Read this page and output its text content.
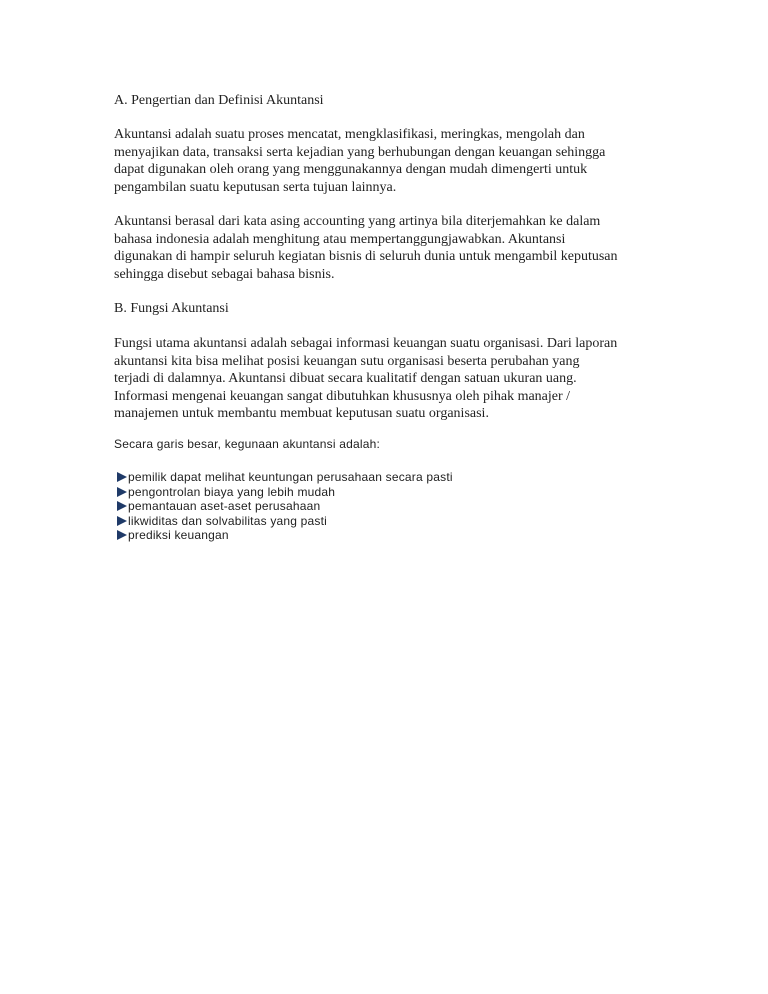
A. Pengertian dan Definisi Akuntansi

Akuntansi adalah suatu proses mencatat, mengklasifikasi, meringkas, mengolah dan
menyajikan data, transaksi serta kejadian yang berhubungan dengan keuangan sehingga
dapat digunakan oleh orang yang menggunakannya dengan mudah dimengerti untuk
pengambilan suatu keputusan serta tujuan lainnya.

Akuntansi berasal dari kata asing accounting yang artinya bila diterjemahkan ke dalam
bahasa indonesia adalah menghitung atau mempertanggungjawabkan. Akuntansi
digunakan di hampir seluruh kegiatan bisnis di seluruh dunia untuk mengambil keputusan
sehingga disebut sebagai bahasa bisnis.

B. Fungsi Akuntansi

Fungsi utama akuntansi adalah sebagai informasi keuangan suatu organisasi. Dari laporan
akuntansi kita bisa melihat posisi keuangan sutu organisasi beserta perubahan yang
terjadi di dalamnya. Akuntansi dibuat secara kualitatif dengan satuan ukuran uang.
Informasi mengenai keuangan sangat dibutuhkan khususnya oleh pihak manajer /
manajemen untuk membantu membuat keputusan suatu organisasi.

Secara garis besar, kegunaan akuntansi adalah:

pemilik dapat melihat keuntungan perusahaan secara pasti
pengontrolan biaya yang lebih mudah
pemantauan aset-aset perusahaan
likwiditas dan solvabilitas yang pasti
prediksi keuangan
